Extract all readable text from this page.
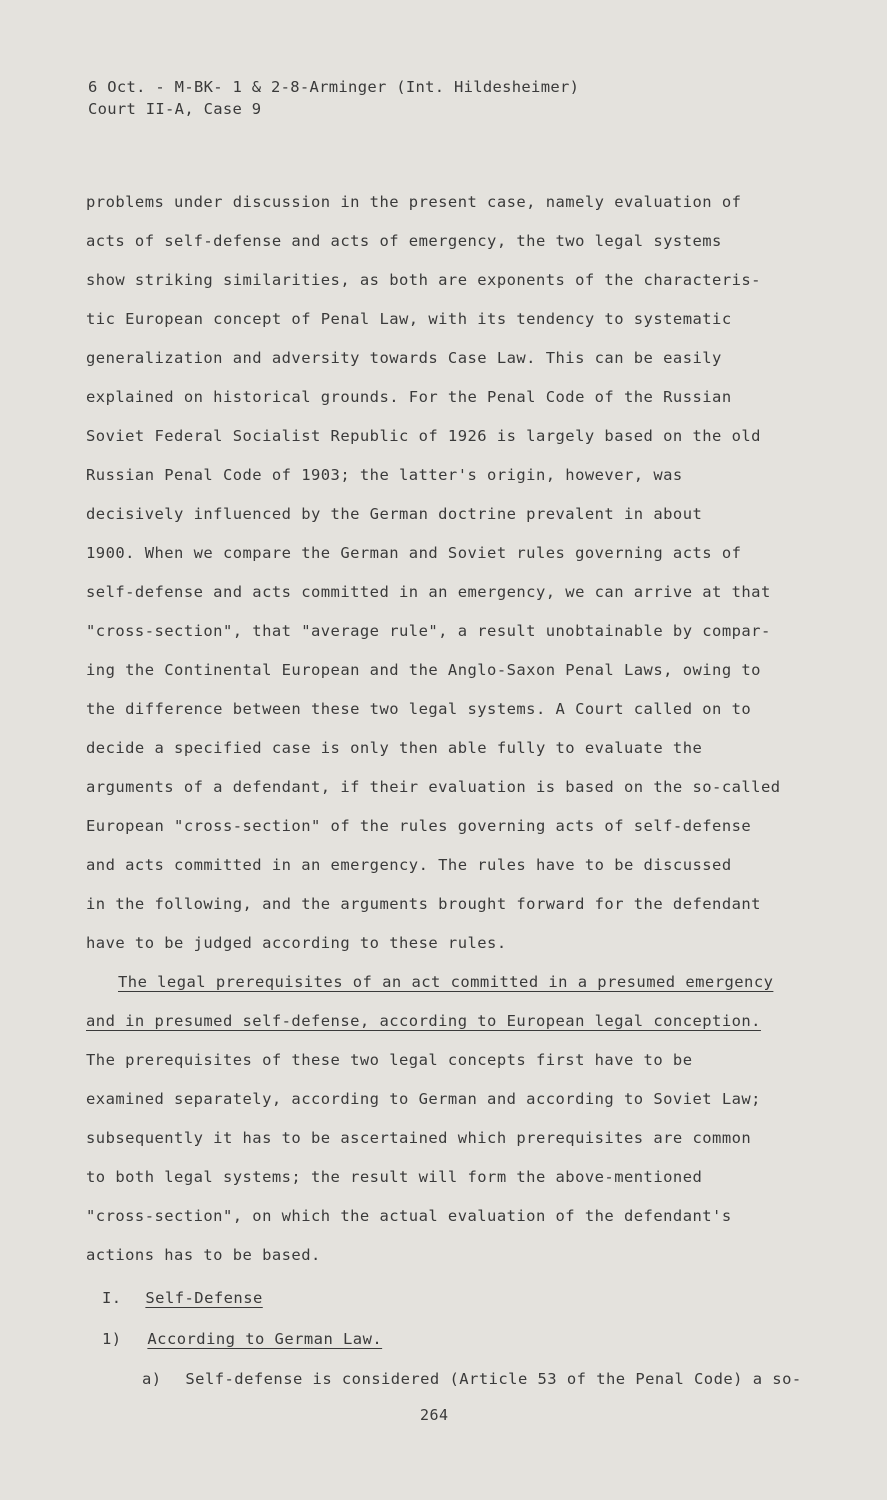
6 Oct. - M-BK- 1 & 2-8-Arminger (Int. Hildesheimer)
Court II-A, Case 9
problems under discussion in the present case, namely evaluation of
acts of self-defense and acts of emergency, the two legal systems
show striking similarities, as both are exponents of the characteris-
tic European concept of Penal Law, with its tendency to systematic
generalization and adversity towards Case Law. This can be easily
explained on historical grounds. For the Penal Code of the Russian
Soviet Federal Socialist Republic of 1926 is largely based on the old
Russian Penal Code of 1903; the latter's origin, however, was
decisively influenced by the German doctrine prevalent in about
1900. When we compare the German and Soviet rules governing acts of
self-defense and acts committed in an emergency, we can arrive at that
"cross-section", that "average rule", a result unobtainable by compar-
ing the Continental European and the Anglo-Saxon Penal Laws, owing to
the difference between these two legal systems. A Court called on to
decide a specified case is only then able fully to evaluate the
arguments of a defendant, if their evaluation is based on the so-called
European "cross-section" of the rules governing acts of self-defense
and acts committed in an emergency. The rules have to be discussed
in the following, and the arguments brought forward for the defendant
have to be judged according to these rules.
The legal prerequisites of an act committed in a presumed emergency
and in presumed self-defense, according to European legal conception.
The prerequisites of these two legal concepts first have to be
examined separately, according to German and according to Soviet Law;
subsequently it has to be ascertained which prerequisites are common
to both legal systems; the result will form the above-mentioned
"cross-section", on which the actual evaluation of the defendant's
actions has to be based.
I. Self-Defense
1) According to German Law.
a) Self-defense is considered (Article 53 of the Penal Code) a so-
264
